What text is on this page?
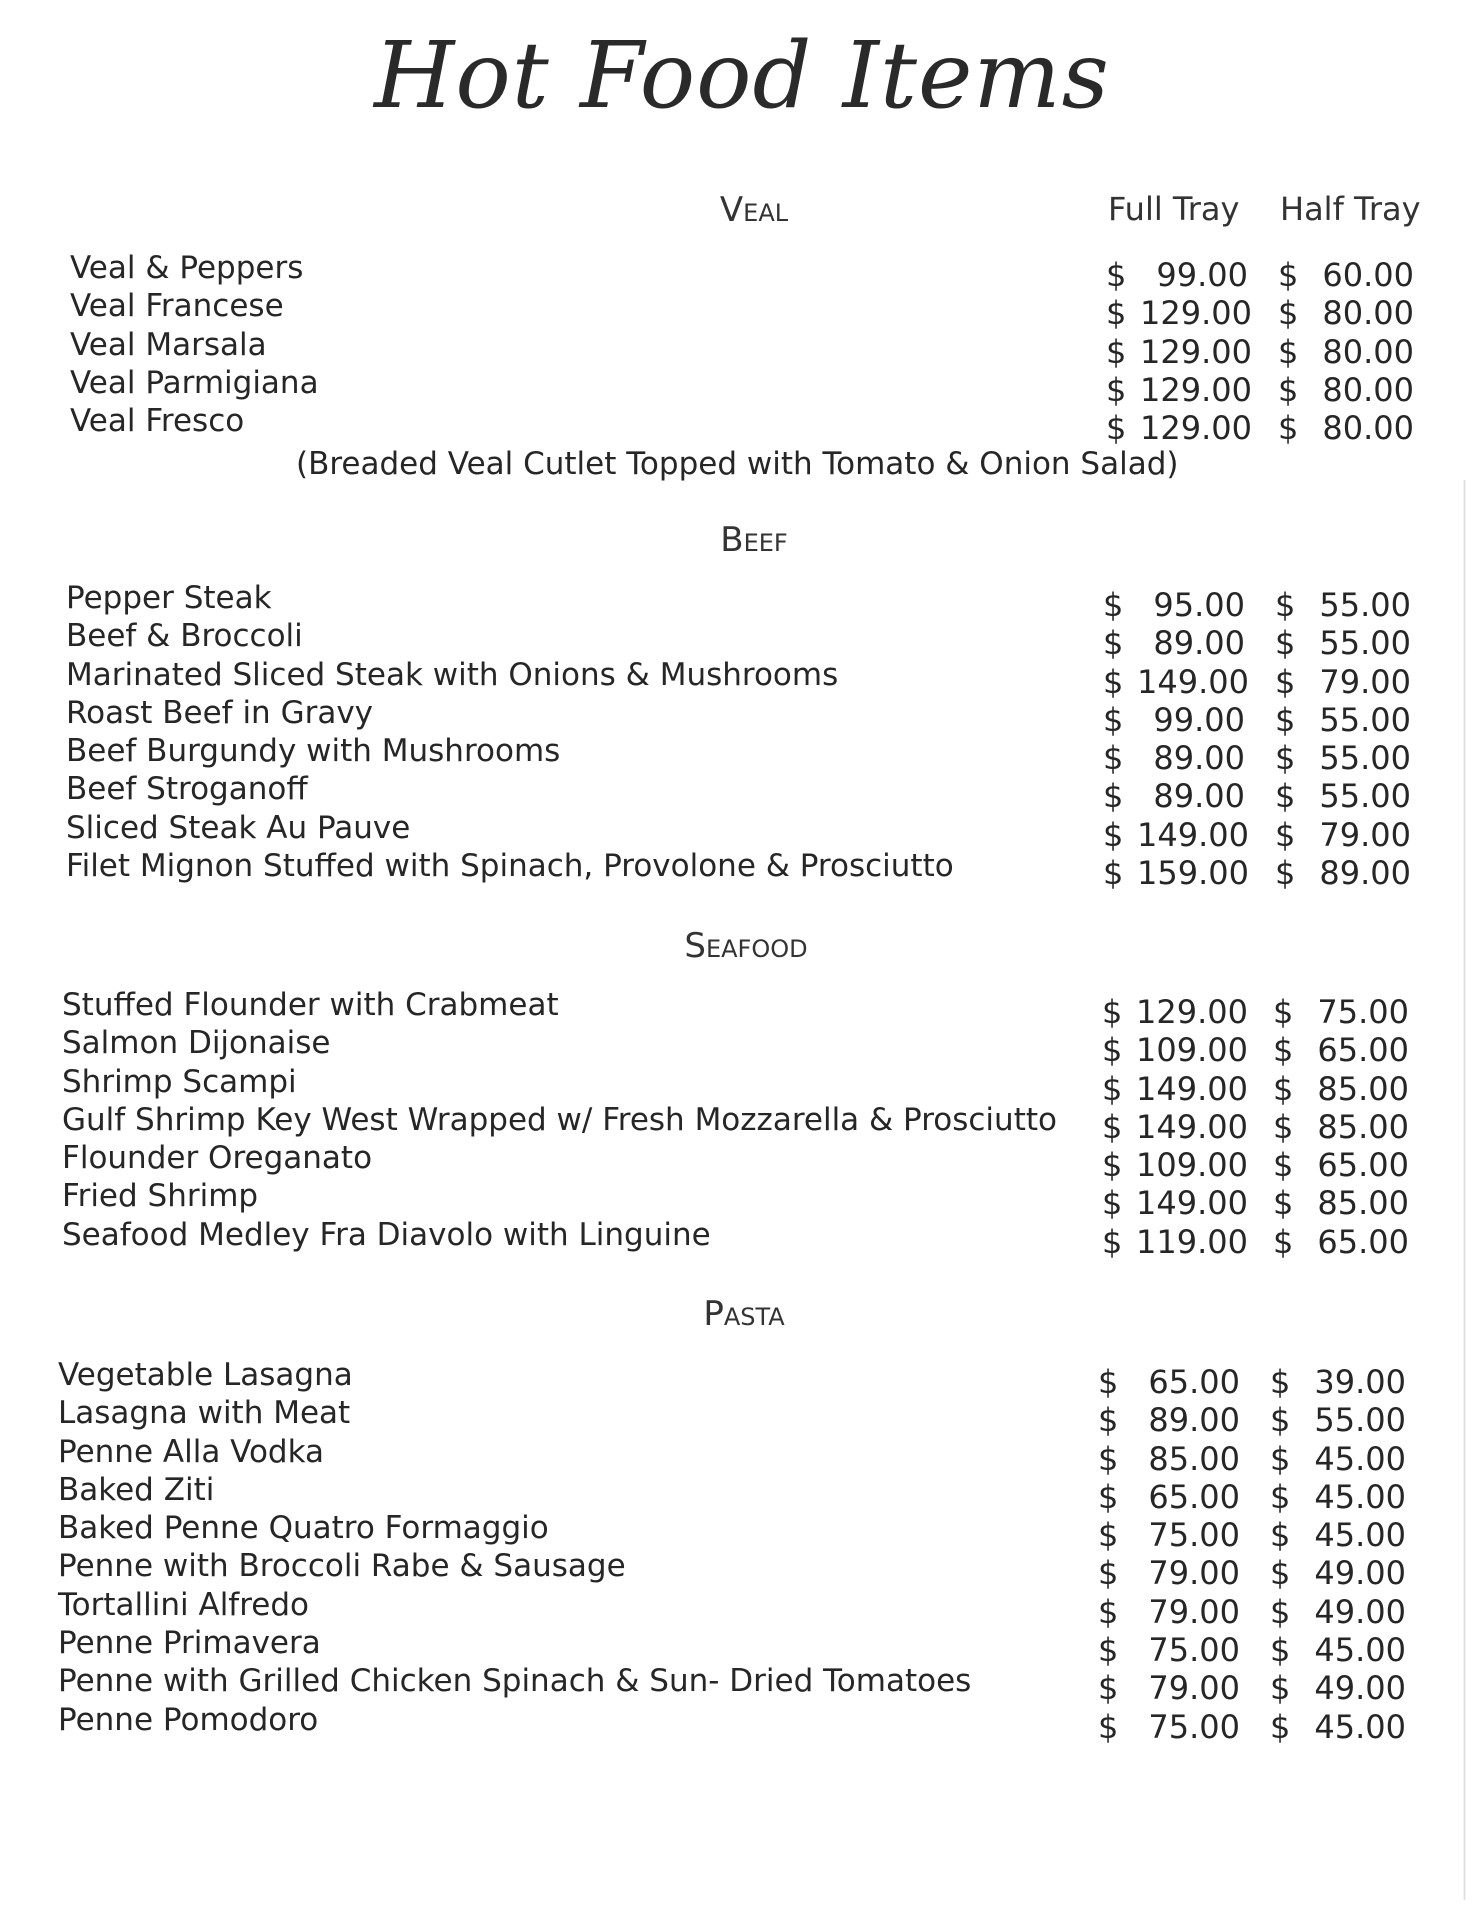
Hot Food Items
Full Tray Half Tray
Veal
Veal & Peppers	$ 99.00 $ 60.00
Veal Francese	$ 129.00 $ 80.00
Veal Marsala	$ 129.00 $ 80.00
Veal Parmigiana	$ 129.00 $ 80.00
Veal Fresco	$ 129.00 $ 80.00
(Breaded Veal Cutlet Topped with Tomato & Onion Salad)
Beef
Pepper Steak	$ 95.00 $ 55.00
Beef & Broccoli	$ 89.00 $ 55.00
Marinated Sliced Steak with Onions & Mushrooms	$ 149.00 $ 79.00
Roast Beef in Gravy	$ 99.00 $ 55.00
Beef Burgundy with Mushrooms	$ 89.00 $ 55.00
Beef Stroganoff	$ 89.00 $ 55.00
Sliced Steak Au Pauve	$ 149.00 $ 79.00
Filet Mignon Stuffed with Spinach, Provolone & Prosciutto	$ 159.00 $ 89.00
Seafood
Stuffed Flounder with Crabmeat	$ 129.00 $ 75.00
Salmon Dijonaise	$ 109.00 $ 65.00
Shrimp Scampi	$ 149.00 $ 85.00
Gulf Shrimp Key West Wrapped w/ Fresh Mozzarella & Prosciutto $ 149.00 $ 85.00
Flounder Oreganato	$ 109.00 $ 65.00
Fried Shrimp	$ 149.00 $ 85.00
Seafood Medley Fra Diavolo with Linguine	$ 119.00 $ 65.00
Pasta
Vegetable Lasagna	$ 65.00 $ 39.00
Lasagna with Meat	$ 89.00 $ 55.00
Penne Alla Vodka	$ 85.00 $ 45.00
Baked Ziti	$ 65.00 $ 45.00
Baked Penne Quatro Formaggio	$ 75.00 $ 45.00
Penne with Broccoli Rabe & Sausage	$ 79.00 $ 49.00
Tortallini Alfredo	$ 79.00 $ 49.00
Penne Primavera	$ 75.00 $ 45.00
Penne with Grilled Chicken Spinach & Sun- Dried Tomatoes	$ 79.00 $ 49.00
Penne Pomodoro	$ 75.00 $ 45.00
